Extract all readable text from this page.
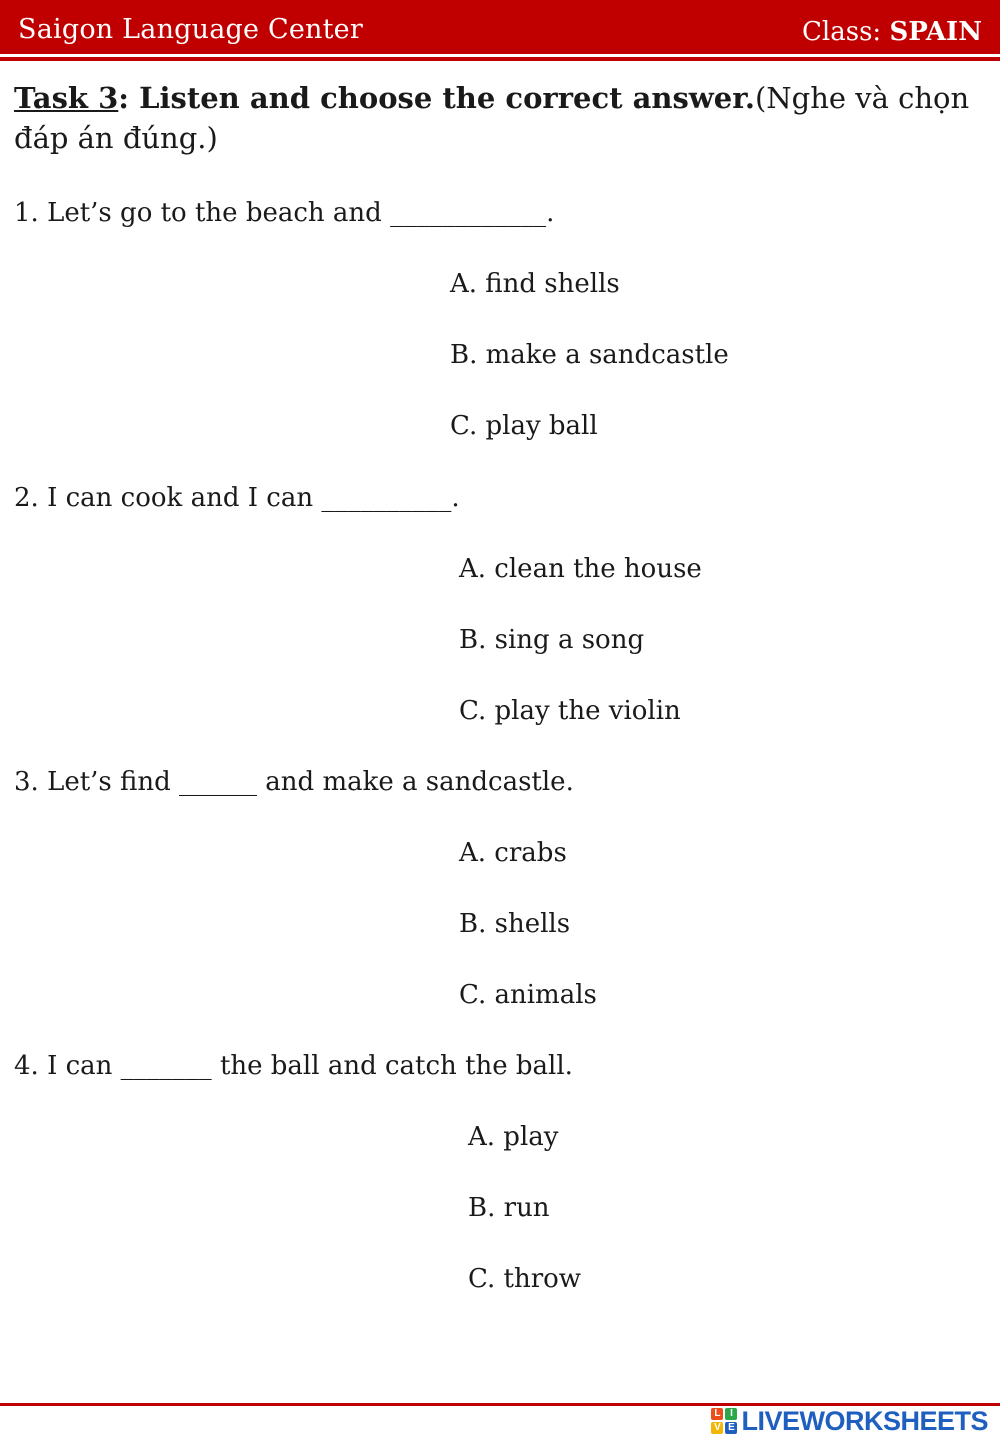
Saigon Language Center	Class: SPAIN
Task 3: Listen and choose the correct answer.(Nghe và chọn đáp án đúng.)
1. Let’s go to the beach and ____________.
A. find shells
B. make a sandcastle
C. play ball
2. I can cook and I can __________.
A. clean the house
B. sing a song
C. play the violin
3. Let’s find ______ and make a sandcastle.
A. crabs
B. shells
C. animals
4. I can _______ the ball and catch the ball.
A. play
B. run
C. throw
L I
V E LIVEWORKSHEETS
